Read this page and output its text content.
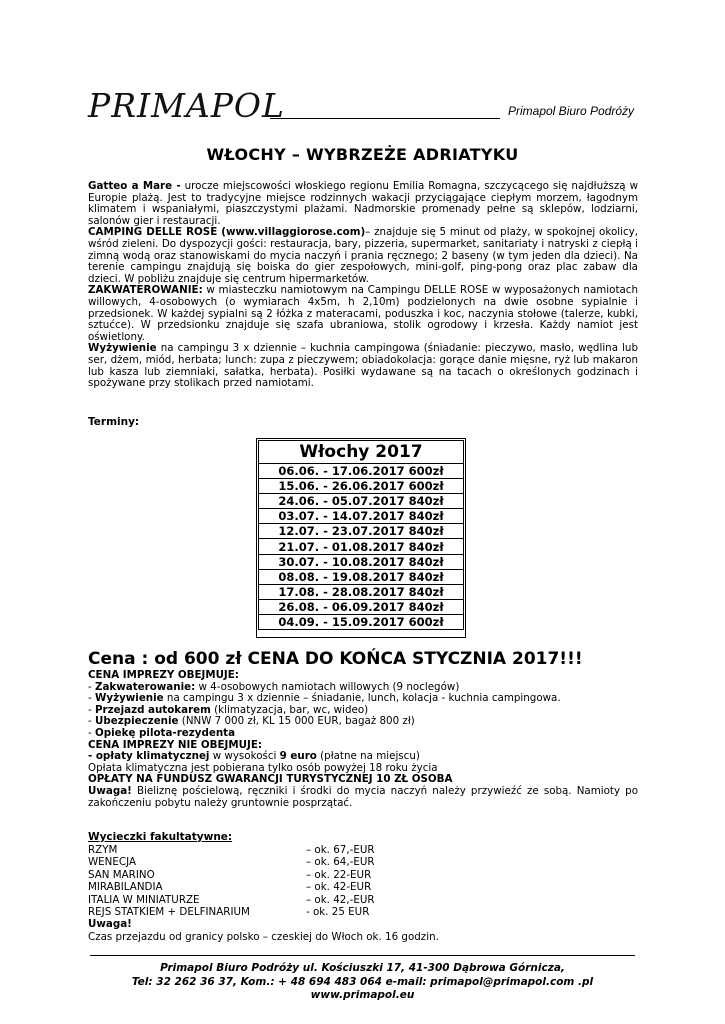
PRIMAPOL	Primapol Biuro Podróży
WŁOCHY – WYBRZEŻE ADRIATYKU

Gatteo a Mare - urocze miejscowości włoskiego regionu Emilia Romagna, szczycącego się najdłuższą w Europie plażą. Jest to tradycyjne miejsce rodzinnych wakacji przyciągające ciepłym morzem, łagodnym klimatem i wspaniałymi, piaszczystymi plażami. Nadmorskie promenady pełne są sklepów, lodziarni, salonów gier i restauracji.

CAMPING DELLE ROSE (www.villaggiorose.com)– znajduje się 5 minut od plaży, w spokojnej okolicy, wśród zieleni. Do dyspozycji gości: restauracja, bary, pizzeria, supermarket, sanitariaty i natryski z ciepłą i zimną wodą oraz stanowiskami do mycia naczyń i prania ręcznego; 2 baseny (w tym jeden dla dzieci). Na terenie campingu znajdują się boiska do gier zespołowych, mini-golf, ping-pong oraz plac zabaw dla dzieci. W pobliżu znajduje się centrum hipermarketów.

ZAKWATEROWANIE: w miasteczku namiotowym na Campingu DELLE ROSE w wyposażonych namiotach willowych, 4-osobowych (o wymiarach 4x5m, h 2,10m) podzielonych na dwie osobne sypialnie i przedsionek. W każdej sypialni są 2 łóżka z materacami, poduszka i koc, naczynia stołowe (talerze, kubki, sztućce). W przedsionku znajduje się szafa ubraniowa, stolik ogrodowy i krzesła. Każdy namiot jest oświetlony.

Wyżywienie na campingu 3 x dziennie – kuchnia campingowa (śniadanie: pieczywo, masło, wędlina lub ser, dżem, miód, herbata; lunch: zupa z pieczywem; obiadokolacja: gorące danie mięsne, ryż lub makaron lub kasza lub ziemniaki, sałatka, herbata). Posiłki wydawane są na tacach o określonych godzinach i spożywane przy stolikach przed namiotami.

Terminy:
Włochy 2017
06.06. - 17.06.2017 600zł
15.06. - 26.06.2017 600zł
24.06. - 05.07.2017 840zł
03.07. - 14.07.2017 840zł
12.07. - 23.07.2017 840zł
21.07. - 01.08.2017 840zł
30.07. - 10.08.2017 840zł
08.08. - 19.08.2017 840zł
17.08. - 28.08.2017 840zł
26.08. - 06.09.2017 840zł
04.09. - 15.09.2017 600zł
Cena : od 600 zł CENA DO KOŃCA STYCZNIA 2017!!!
CENA IMPREZY OBEJMUJE:
- Zakwaterowanie: w 4-osobowych namiotach willowych (9 noclegów)
- Wyżywienie na campingu 3 x dziennie – śniadanie, lunch, kolacja - kuchnia campingowa.
- Przejazd autokarem (klimatyzacja, bar, wc, wideo)
- Ubezpieczenie (NNW 7 000 zł, KL 15 000 EUR, bagaż 800 zł)
- Opiekę pilota-rezydenta
CENA IMPREZY NIE OBEJMUJE:
- opłaty klimatycznej w wysokości 9 euro (płatne na miejscu)
Opłata klimatyczna jest pobierana tylko osób powyżej 18 roku życia
OPŁATY NA FUNDUSZ GWARANCJI TURYSTYCZNEJ 10 ZŁ OSOBA
Uwaga! Bieliznę pościelową, ręczniki i środki do mycia naczyń należy przywieźć ze sobą. Namioty po zakończeniu pobytu należy gruntownie posprzątać.
Wycieczki fakultatywne:
RZYM	– ok. 67,-EUR
WENECJA	– ok. 64,-EUR
SAN MARINO	– ok. 22-EUR
MIRABILANDIA	– ok. 42-EUR
ITALIA W MINIATURZE	– ok. 42,-EUR
REJS STATKIEM + DELFINARIUM	- ok. 25 EUR
Uwaga!
Czas przejazdu od granicy polsko – czeskiej do Włoch ok. 16 godzin.
Primapol Biuro Podróży ul. Kościuszki 17, 41-300 Dąbrowa Górnicza,
Tel: 32 262 36 37, Kom.: + 48 694 483 064 e-mail: primapol@primapol.com .pl
www.primapol.eu
